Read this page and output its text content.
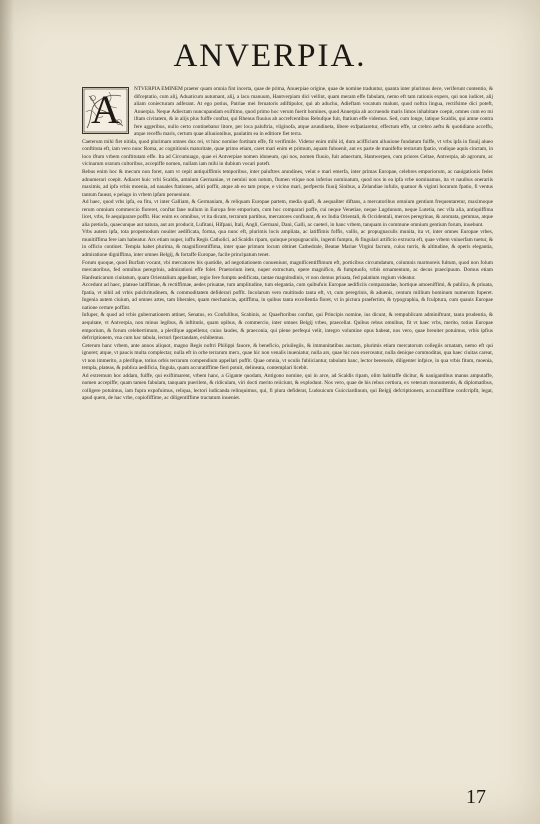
ANVERPIA.
A	NTVERPIA EMINEM praeter quam omnia fint incerta, quae de prima, Anuerpiae origine, quae de nomine traduntur, quanta inter plurimos dece, veriferunt contentio, & difceptatio, cum alij, Aduaticum autumant, alij, a lacu manuum, Hantverpiam dici vellint, quam meram effe fabulam, nemo eft tam rationis expers, qui non iudicet, alij aliam coniecturam adferant. At ego potius, Patriae mei feruatoris adiftipulor, qui ab aduchu, Adieftam vocatum malunt, quod noftra lingua, rectifsime dici poteft, Anuerpia. Neque Adiectam nuncupandam exiftimo, quod primo hoc verum fuerit homines, quod Anuerpia ab accruendo maris limos inhabitare coepit, omnes cum eo mi iftam civitatem, & in alijs plus fuiffe conftat, qui Rhenus fluuius ab accrefcentibus Rebufque fuit, ftatium effe videmus. Sed, cum longe, latique Scaldis, qui amne contra fere aggeribus, nullo certo continebatur litore, per loca paluftria, vliginofa, atque arundineta, libere exfpatiaretur, effectum effe, ut crebro aeftu & quotidiano acceffu, atque receffu maris, certum quae alluuionibus, paulatim ea in editiore fiet terra.

Caeterum mihi fiet nitida, quod plurimam omnes dux rei, vt hinc nomine fortitam effe, fit verifimile. Videtur enim mihi id, dum acifficium alluuione fundatum fuiffe, vt vrbs ipfa in fiuuij alueo conftituta eft, iam vero nunc Roma, ac cognitionis maturitate, quae primo etiam, caret mari enim et primum, aquam fubuenit, aut ex parte de manifefto terrarum fpatio, vndique aquis cinctam, in loco iftum vrbem conftitutam effe. Ita ad Circumuago, quae ei Antverpiae nomen idoneum, qui nos, nomen fluuio, fuit aduectum, Hantwerpen, cum priores Celtae, Antverpia, ab agrorum, ac vicinarum orarum cultoribus, accepiffe nomen, nullam iam mihi in dubium vocari poteft.

Rebus enim hoc & mecum non foret, nam vt cepit antiquiffimis temporibus, inter paluftres arundines, velut e mari emerfa, inter primas Europae, celebres emporiorum, ac nauigationis fedes adnumerari coepit. Adiacet huic vrbi Scaldis, amnium Germaniae, vt nemini non notum, flumen vtique non inferius nominatum, quod nos in ea ipfa vrbe nominamus, ita vt nauibus onerariis maximis, ad ipfa vrbis moenia, ad nauales ftationes, adiri poffit, atque ab eo tam prope, e vicino mari, perfpectis fiuuij Sinibus, a Zelandiae infulis, quatuor & viginti horarum fpatio, fi ventus tantum faueat, e pelago in vrbem ipfam perueniunt.

Ad haec, quod vrbs ipfa, ea fitu, vt inter Galliam, & Germaniam, & reliquam Europae partem, media quafi, & aequaliter diftans, a mercatoribus omnium gentium frequentaretur, maximoque rerum omnium commercio floreret, conftat fane nullum in Europa fere emporium, cum hoc comparari poffe, cui neque Venetiae, neque Lugdunum, neque Lutetia, nec vlla alia, antiquiffima licet, vrbs, fe aequiparare poffit. Huc enim ex omnibus, vt ita dicam, terrarum partibus, mercatores confluunt, & ex India Orientali, & Occidentali, merces peregrinas, & aromata, gemmas, atque alia pretiofa, quaecunque aut natura, aut ars producit, Lufitani, Hifpani, Itali, Angli, Germani, Dani, Galli, ac caeteri, in hanc vrbem, tanquam in commune omnium gentium forum, inuehunt.

Vrbs autem ipfa, tota propemodum nouiter aedificata, forma, qua nunc eft, plurimis locis ampliata, ac latiffimis foffis, vallis, ac propugnaculis munita, ita vt, inter omnes Europae vrbes, munitiffima fere iam habeatur. Arx etiam nuper, iuffu Regis Catholici, ad Scaldis ripam, quinque propugnaculis, ingenti fumptu, & fingulari artificio extructa eft, quae vrbem vniuerfam tuetur, & in officio continet. Templa habet plurima, & magnificentiffima, inter quae primum locum obtinet Cathedrale, Beatae Mariae Virgini facrum, cuius turris, & altitudine, & operis elegantia, admiratione digniffima, inter omnes Belgij, & fortaffe Europae, facile principatum tenet.

Forum quoque, quod Burfam vocant, vbi mercatores bis quotidie, ad negotiationem conueniunt, magnificentiffimum eft, porticibus circumdatum, columnis marmoreis fultum, quod non folum mercatoribus, fed omnibus peregrinis, admirationi effe folet. Praetorium item, nuper extructum, opere magnifico, & fumptuofo, vrbis ornamentum, ac decus praecipuum. Domus etiam Hanfeaticarum ciuitatum, quam Orientalium appellant, regio fere fumptu aedificata, tantae magnitudinis, vt non domus priuata, fed palatium regium videatur.

Accedunt ad haec, plateae latiffimae, & rectiffimae, aedes priuatae, tum amplitudine, tum elegantia, cum quibufuis Europae aedificiis comparandae, hortique amoeniffimi, & publica, & priuata, fpatia, vt nihil ad vrbis pulchritudinem, & commoditatem defiderari poffit. Incolarum vero multitudo tanta eft, vt, cum peregrinis, & aduenis, centum millium hominum numerum fuperet. Ingenia autem ciuium, ad omnes artes, tam liberales, quam mechanicas, aptiffima, in quibus tanta excellentia floret, vt in pictura praefertim, & typographia, & fculptura, cum quauis Europae natione certare poffint.

Infuper, & quod ad vrbis gubernationem attinet, Senatus, ex Confulibus, Scabinis, ac Quaeftoribus conftat, qui Principis nomine, ius dicunt, & rempublicam adminiftrant, tanta prudentia, & aequitate, vt Antverpia, non minus legibus, & inftitutis, quam opibus, & commercio, inter omnes Belgij vrbes, praecellat. Quibus rebus omnibus, fit vt haec vrbs, merito, totius Europae emporium, & forum celeberrimum, a plerifque appelletur, cuius laudes, & praeconia, qui plene perfequi velit, integro volumine opus habeat, nos vero, quae breuiter potuimus, vrbis ipfius defcriptionem, vna cum hac tabula, lectori fpectandam, exhibemus.

Ceterum hanc vrbem, ante annos aliquot, magno Regis noftri Philippi fauore, & beneficio, priuilegiis, & immunitatibus auctam, plurimis etiam mercatorum collegiis ornatam, nemo eft qui ignoret; atque, vt paucis multa complectar, nulla eft in orbe terrarum merx, quae hic non venalis inueniatur, nulla ars, quae hic non exerceatur, nulla denique commoditas, qua haec ciuitas careat, vt non immerito, a plerifque, totius orbis terrarum compendium appellari poffit. Quae omnia, vt oculis fubiiciantur, tabulam hanc, lector beneuole, diligenter infpice, in qua vrbis fitum, moenia, templa, plateas, & publica aedificia, fingula, quam accuratiffime fieri potuit, delineata, contemplari licebit.

Ad extremum hoc addam, fuiffe, qui exiftimarent, vrbem hanc, a Gigante quodam, Antigono nomine, qui in arce, ad Scaldis ripam, olim habitaffe dicitur, & nauigantibus manus amputaffe, nomen accepiffe; quam tamen fabulam, tanquam puerilem, & ridiculam, viri docti merito reiiciunt, & explodunt. Nos vero, quae de his rebus certiora, ex veterum monumentis, & diplomatibus, colligere potuimus, iam fupra expofuimus, reliqua, lectori iudicanda relinquimus, qui, fi plura defiderat, Ludouicum Guicciardinum, qui Belgij defcriptionem, accuratiffime confcripfit, legat, apud quem, de hac vrbe, copiofiffime, ac diligentiffime tractatum inueniet.

17
